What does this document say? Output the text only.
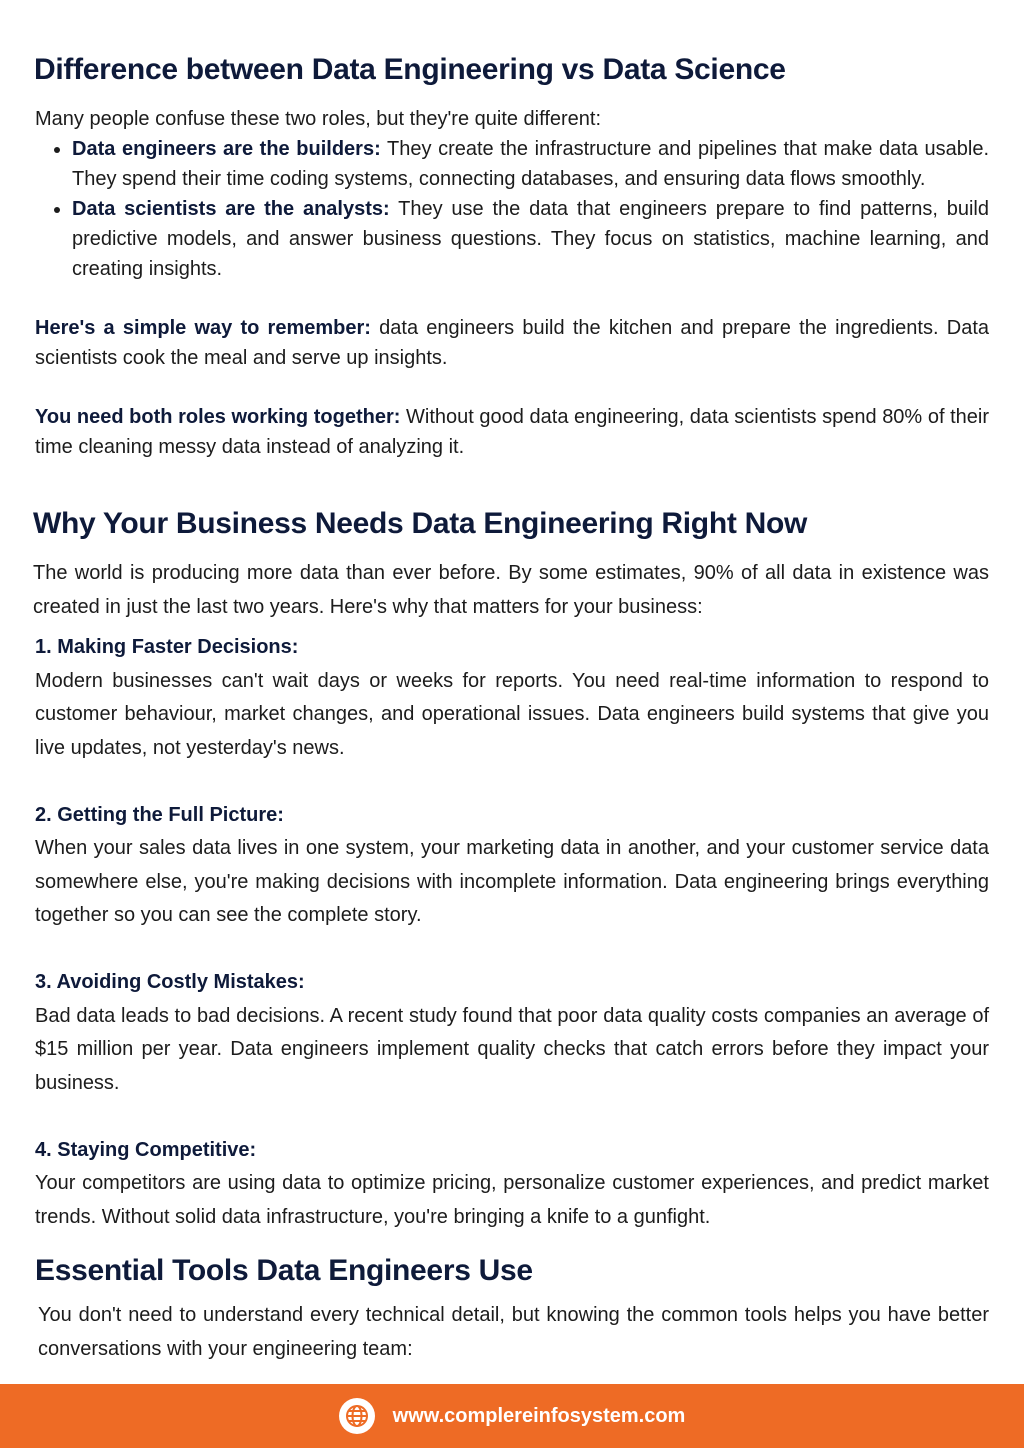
Difference between Data Engineering vs Data Science

Many people confuse these two roles, but they're quite different:

• Data engineers are the builders: They create the infrastructure and pipelines that make data usable. They spend their time coding systems, connecting databases, and ensuring data flows smoothly.
• Data scientists are the analysts: They use the data that engineers prepare to find patterns, build predictive models, and answer business questions. They focus on statistics, machine learning, and creating insights.

Here's a simple way to remember: data engineers build the kitchen and prepare the ingredients. Data scientists cook the meal and serve up insights.

You need both roles working together: Without good data engineering, data scientists spend 80% of their time cleaning messy data instead of analyzing it.

Why Your Business Needs Data Engineering Right Now

The world is producing more data than ever before. By some estimates, 90% of all data in existence was created in just the last two years. Here's why that matters for your business:

1. Making Faster Decisions:

Modern businesses can't wait days or weeks for reports. You need real-time information to respond to customer behaviour, market changes, and operational issues. Data engineers build systems that give you live updates, not yesterday's news.

2. Getting the Full Picture:

When your sales data lives in one system, your marketing data in another, and your customer service data somewhere else, you're making decisions with incomplete information. Data engineering brings everything together so you can see the complete story.

3. Avoiding Costly Mistakes:

Bad data leads to bad decisions. A recent study found that poor data quality costs companies an average of $15 million per year. Data engineers implement quality checks that catch errors before they impact your business.

4. Staying Competitive:

Your competitors are using data to optimize pricing, personalize customer experiences, and predict market trends. Without solid data infrastructure, you're bringing a knife to a gunfight.

Essential Tools Data Engineers Use

You don't need to understand every technical detail, but knowing the common tools helps you have better conversations with your engineering team:

www.complereinfosystem.com
